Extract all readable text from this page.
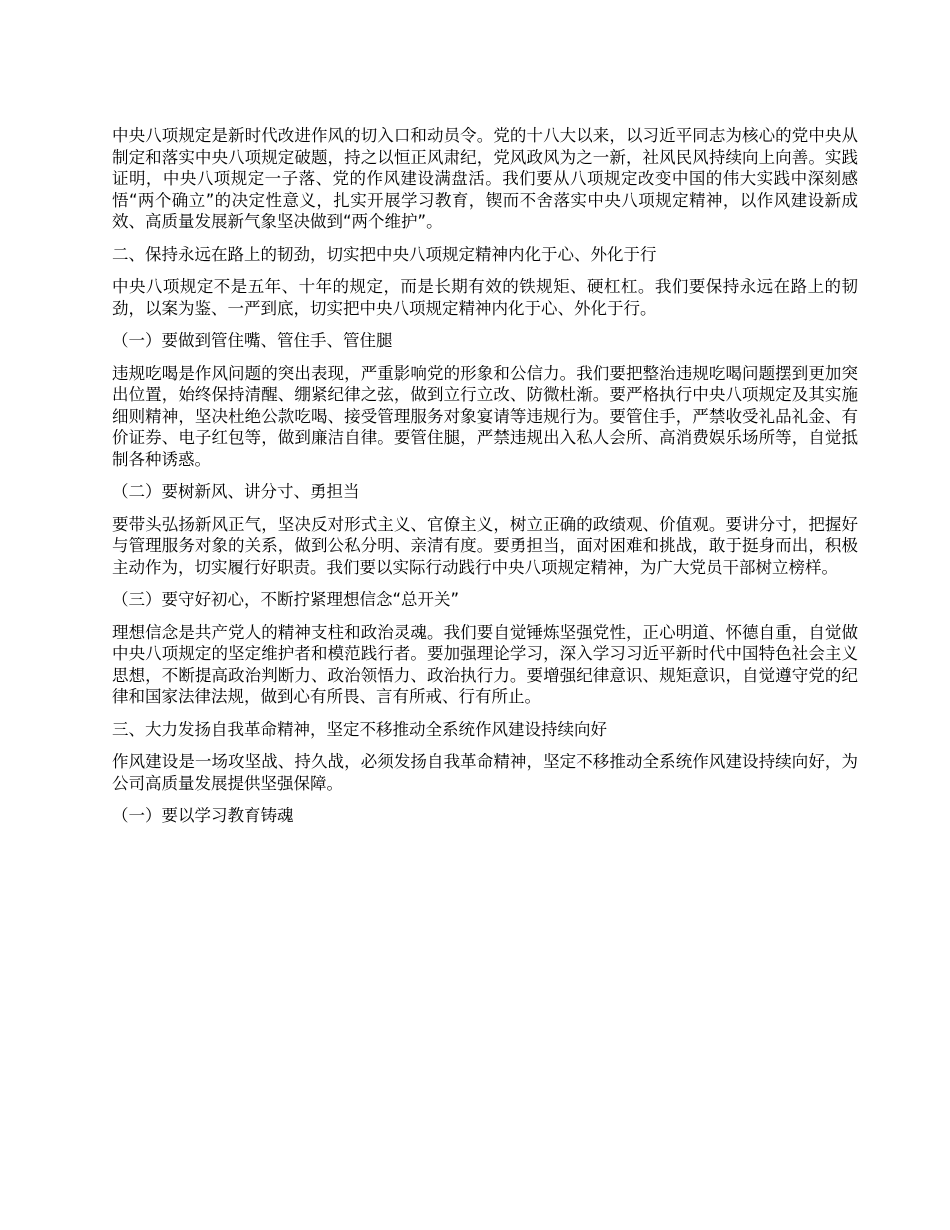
中央八项规定是新时代改进作风的切入口和动员令。党的十八大以来，以习近平同志为核心的党中央从制定和落实中央八项规定破题，持之以恒正风肃纪，党风政风为之一新，社风民风持续向上向善。实践证明，中央八项规定一子落、党的作风建设满盘活。我们要从八项规定改变中国的伟大实践中深刻感悟“两个确立”的决定性意义，扎实开展学习教育，锲而不舍落实中央八项规定精神，以作风建设新成效、高质量发展新气象坚决做到“两个维护”。

二、保持永远在路上的韧劲，切实把中央八项规定精神内化于心、外化于行

中央八项规定不是五年、十年的规定，而是长期有效的铁规矩、硬杠杠。我们要保持永远在路上的韧劲，以案为鉴、一严到底，切实把中央八项规定精神内化于心、外化于行。

（一）要做到管住嘴、管住手、管住腿

违规吃喝是作风问题的突出表现，严重影响党的形象和公信力。我们要把整治违规吃喝问题摆到更加突出位置，始终保持清醒、绷紧纪律之弦，做到立行立改、防微杜渐。要严格执行中央八项规定及其实施细则精神，坚决杜绝公款吃喝、接受管理服务对象宴请等违规行为。要管住手，严禁收受礼品礼金、有价证券、电子红包等，做到廉洁自律。要管住腿，严禁违规出入私人会所、高消费娱乐场所等，自觉抵制各种诱惑。

（二）要树新风、讲分寸、勇担当

要带头弘扬新风正气，坚决反对形式主义、官僚主义，树立正确的政绩观、价值观。要讲分寸，把握好与管理服务对象的关系，做到公私分明、亲清有度。要勇担当，面对困难和挑战，敢于挺身而出，积极主动作为，切实履行好职责。我们要以实际行动践行中央八项规定精神，为广大党员干部树立榜样。

（三）要守好初心，不断拧紧理想信念“总开关”

理想信念是共产党人的精神支柱和政治灵魂。我们要自觉锤炼坚强党性，正心明道、怀德自重，自觉做中央八项规定的坚定维护者和模范践行者。要加强理论学习，深入学习习近平新时代中国特色社会主义思想，不断提高政治判断力、政治领悟力、政治执行力。要增强纪律意识、规矩意识，自觉遵守党的纪律和国家法律法规，做到心有所畏、言有所戒、行有所止。

三、大力发扬自我革命精神，坚定不移推动全系统作风建设持续向好

作风建设是一场攻坚战、持久战，必须发扬自我革命精神，坚定不移推动全系统作风建设持续向好，为公司高质量发展提供坚强保障。

（一）要以学习教育铸魂
